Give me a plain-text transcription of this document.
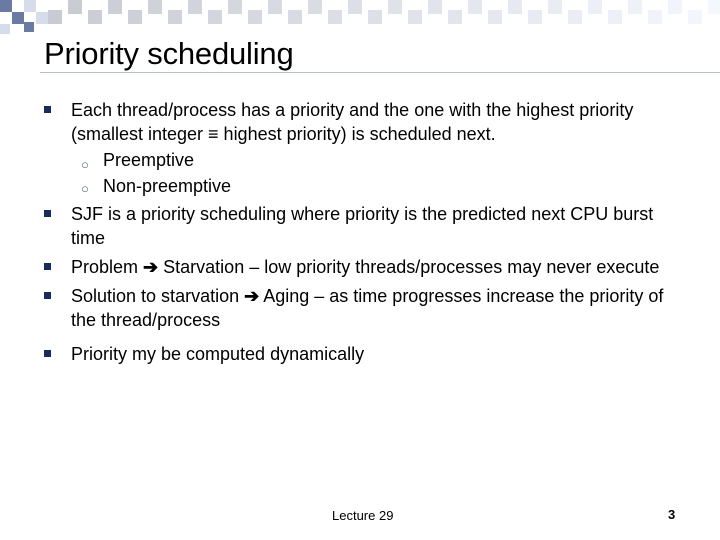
Priority scheduling
Each thread/process has a priority and the one with the highest priority (smallest integer ≡ highest priority) is scheduled next.
○ Preemptive
○ Non-preemptive
SJF is a priority scheduling where priority is the predicted next CPU burst time
Problem ➔ Starvation – low priority threads/processes may never execute
Solution to starvation ➔ Aging – as time progresses increase the priority of the thread/process
Priority my be computed dynamically
Lecture 29	3
